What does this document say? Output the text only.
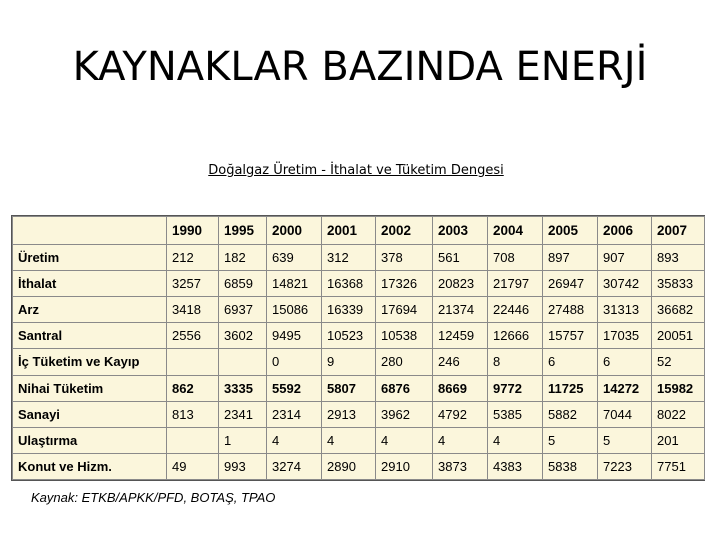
KAYNAKLAR BAZINDA ENERJİ
Doğalgaz Üretim - İthalat ve Tüketim Dengesi
	1990	1995	2000	2001	2002	2003	2004	2005	2006	2007
Üretim	212	182	639	312	378	561	708	897	907	893
İthalat	3257	6859	14821	16368	17326	20823	21797	26947	30742	35833
Arz	3418	6937	15086	16339	17694	21374	22446	27488	31313	36682
Santral	2556	3602	9495	10523	10538	12459	12666	15757	17035	20051
İç Tüketim ve Kayıp			0	9	280	246	8	6	6	52
Nihai Tüketim	862	3335	5592	5807	6876	8669	9772	11725	14272	15982
Sanayi	813	2341	2314	2913	3962	4792	5385	5882	7044	8022
Ulaştırma		1	4	4	4	4	4	5	5	201
Konut ve Hizm.	49	993	3274	2890	2910	3873	4383	5838	7223	7751
Kaynak: ETKB/APKK/PFD, BOTAŞ, TPAO
